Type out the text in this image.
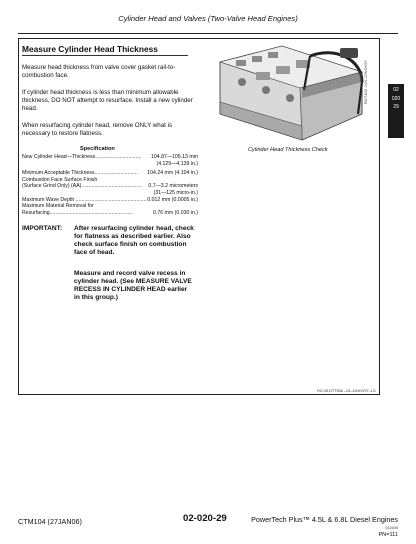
Cylinder Head and Valves (Two-Valve Head Engines)
Measure Cylinder Head Thickness
Measure head thickness from valve cover gasket rail-to-combustion face.
If cylinder head thickness is less than minimum allowable thickness, DO NOT attempt to resurface. Install a new cylinder head.
When resurfacing cylinder head, remove ONLY what is necessary to restore flatness.
Specification
New Cylinder Head—Thickness................................ 104.87—105.13 mm
(4.129—4.139 in.)
Minimum Acceptable Thickness.............................. 104.24 mm (4.104 in.)
Combustion Face Surface Finish
(Surface Grind Only) (AA).......................................... 0.7—3.2 micrometers
(31—125 micro-in.)
Maximum Wave Depth ................................................. 0.012 mm (0.0005 in.)
Maximum Material Removal for
Resurfacing..........................................................	0.76 mm (0.030 in.)
IMPORTANT: After resurfacing cylinder head, check for flatness as described earlier. Also check surface finish on combustion face of head.
Measure and record valve recess in cylinder head. (See MEASURE VALVE RECESS IN CYLINDER HEAD earlier in this group.)
Cylinder Head Thickness Check
RG7403 –UN–23NOV97	02
020
29
RG,05,DT7358 –19–11NOV97–1/1
CTM104 (27JAN06)	02-020-29	PowerTech Plus™ 4.5L & 6.8L Diesel Engines
012606
PN=111
